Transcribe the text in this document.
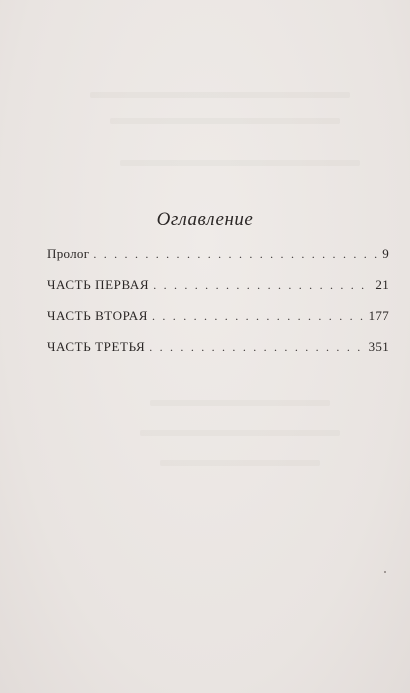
Оглавление
Пролог . . .	9
ЧАСТЬ ПЕРВАЯ . . .	21
ЧАСТЬ ВТОРАЯ . . .	177
ЧАСТЬ ТРЕТЬЯ . . .	351
